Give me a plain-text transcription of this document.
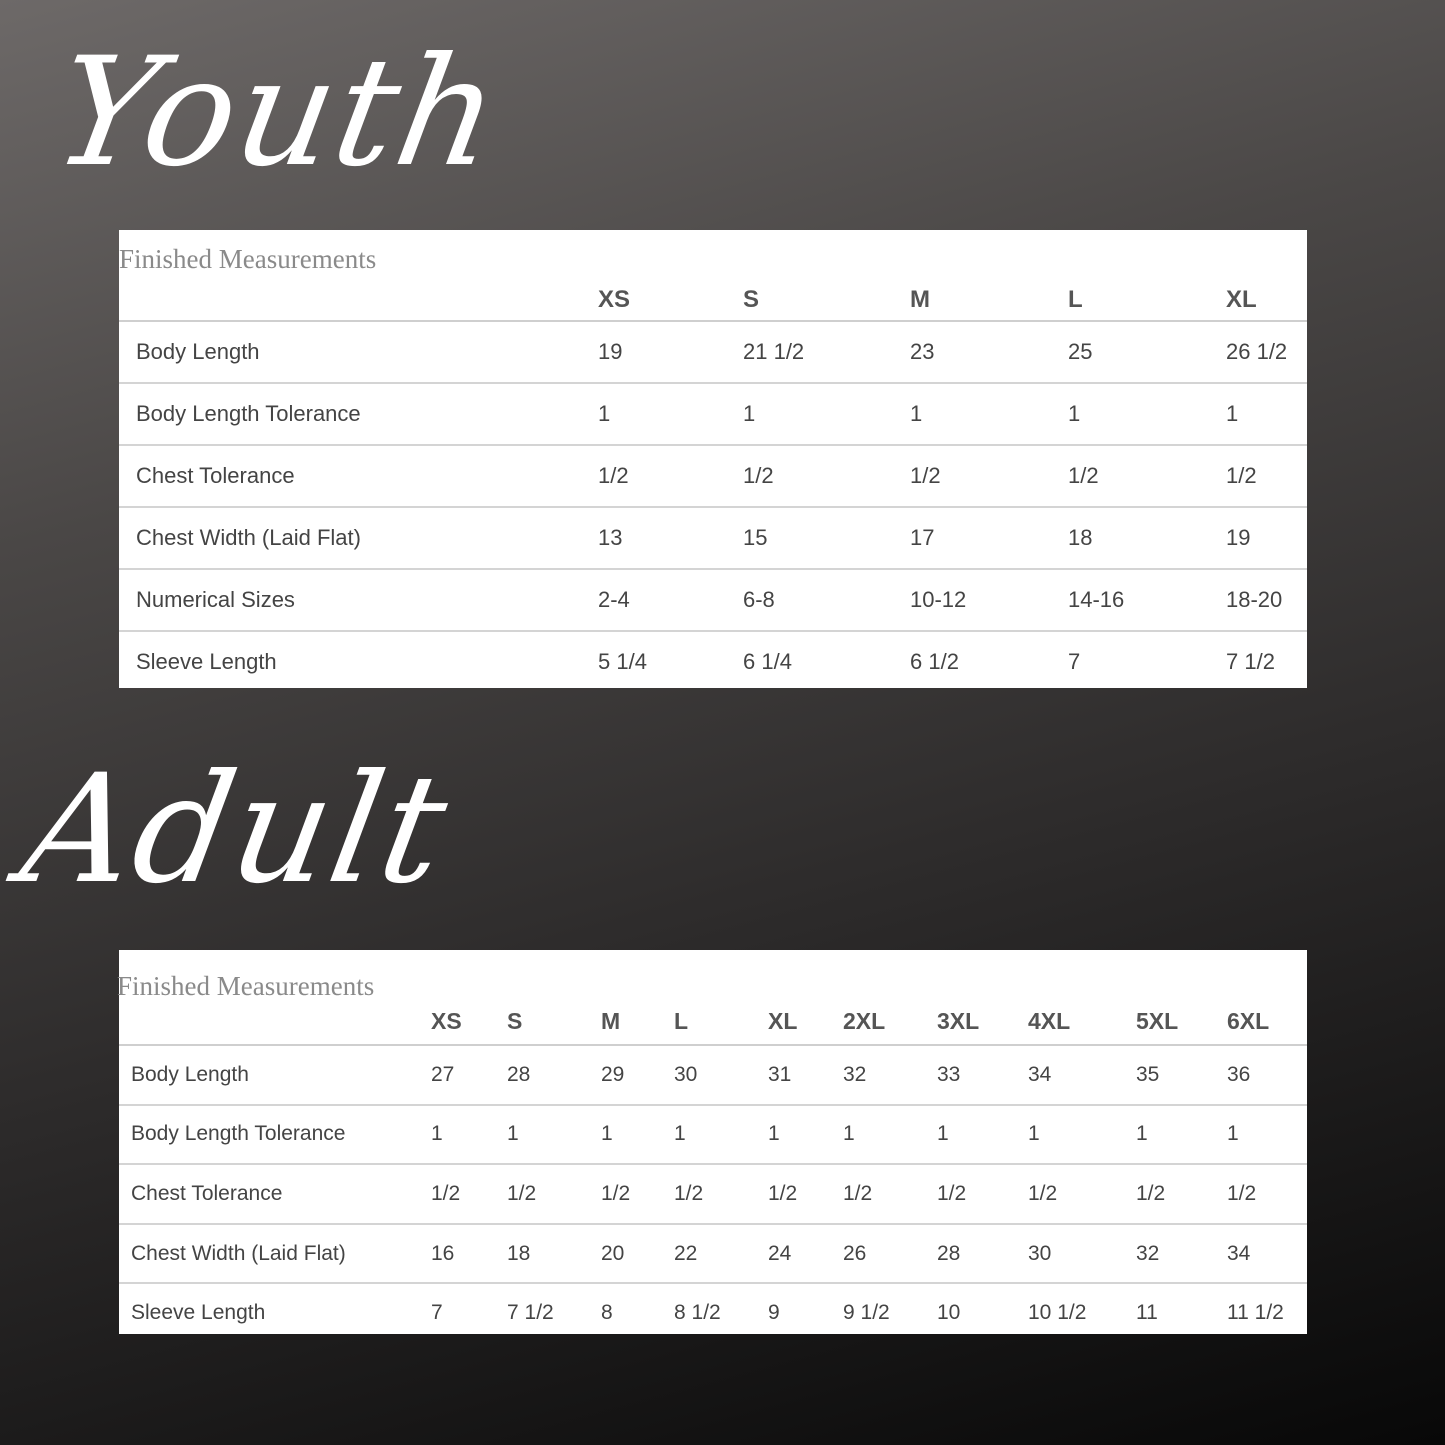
Youth
Finished Measurements
	XS	S	M	L	XL
Body Length	19	21 1/2	23	25	26 1/2
Body Length Tolerance	1	1	1	1	1
Chest Tolerance	1/2	1/2	1/2	1/2	1/2
Chest Width (Laid Flat)	13	15	17	18	19
Numerical Sizes	2-4	6-8	10-12	14-16	18-20
Sleeve Length	5 1/4	6 1/4	6 1/2	7	7 1/2
Adult
Finished Measurements
	XS	S	M	L	XL	2XL	3XL	4XL	5XL	6XL
Body Length	27	28	29	30	31	32	33	34	35	36
Body Length Tolerance	1	1	1	1	1	1	1	1	1	1
Chest Tolerance	1/2	1/2	1/2	1/2	1/2	1/2	1/2	1/2	1/2	1/2
Chest Width (Laid Flat)	16	18	20	22	24	26	28	30	32	34
Sleeve Length	7	7 1/2	8	8 1/2	9	9 1/2	10	10 1/2	11	11 1/2
